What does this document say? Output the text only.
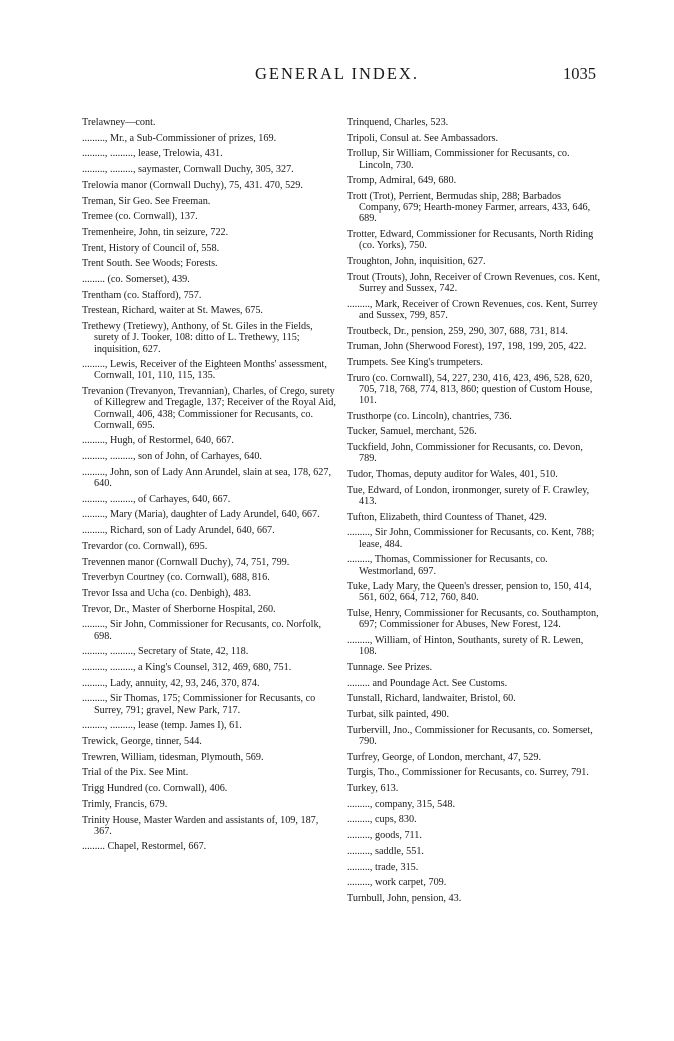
GENERAL INDEX.	1035
Trelawney—cont.
........., Mr., a Sub-Commissioner of prizes, 169.
........., ........., lease, Trelowia, 431.
........., ........., saymaster, Cornwall Duchy, 305, 327.
Trelowia manor (Cornwall Duchy), 75, 431. 470, 529.
Treman, Sir Geo. See Freeman.
Tremee (co. Cornwall), 137.
Tremenheire, John, tin seizure, 722.
Trent, History of Council of, 558.
Trent South. See Woods; Forests.
......... (co. Somerset), 439.
Trentham (co. Stafford), 757.
Trestean, Richard, waiter at St. Mawes, 675.
Trethewy (Tretiewy), Anthony, of St. Giles in the Fields, surety of J. Tooker, 108: ditto of L. Trethewy, 115; inquisition, 627.
........., Lewis, Receiver of the Eighteen Months' assessment, Cornwall, 101, 110, 115, 135.
Trevanion (Trevanyon, Trevannian), Charles, of Crego, surety of Killegrew and Tregagle, 137; Receiver of the Royal Aid, Cornwall, 406, 438; Commissioner for Recusants, co. Cornwall, 695.
........., Hugh, of Restormel, 640, 667.
........., ........., son of John, of Carhayes, 640.
........., John, son of Lady Ann Arundel, slain at sea, 178, 627, 640.
........., ........., of Carhayes, 640, 667.
........., Mary (Maria), daughter of Lady Arundel, 640, 667.
........., Richard, son of Lady Arundel, 640, 667.
Trevardor (co. Cornwall), 695.
Trevennen manor (Cornwall Duchy), 74, 751, 799.
Treverbyn Courtney (co. Cornwall), 688, 816.
Trevor Issa and Ucha (co. Denbigh), 483.
Trevor, Dr., Master of Sherborne Hospital, 260.
........., Sir John, Commissioner for Recusants, co. Norfolk, 698.
........., ........., Secretary of State, 42, 118.
........., ........., a King's Counsel, 312, 469, 680, 751.
........., Lady, annuity, 42, 93, 246, 370, 874.
........., Sir Thomas, 175; Commissioner for Recusants, co Surrey, 791; gravel, New Park, 717.
........., ........., lease (temp. James I), 61.
Trewick, George, tinner, 544.
Trewren, William, tidesman, Plymouth, 569.
Trial of the Pix. See Mint.
Trigg Hundred (co. Cornwall), 406.
Trimly, Francis, 679.
Trinity House, Master Warden and assistants of, 109, 187, 367.
......... Chapel, Restormel, 667.
Trinquend, Charles, 523.
Tripoli, Consul at. See Ambassadors.
Trollup, Sir William, Commissioner for Recusants, co. Lincoln, 730.
Tromp, Admiral, 649, 680.
Trott (Trot), Perrient, Bermudas ship, 288; Barbados Company, 679; Hearth-money Farmer, arrears, 433, 646, 689.
Trotter, Edward, Commissioner for Recusants, North Riding (co. Yorks), 750.
Troughton, John, inquisition, 627.
Trout (Trouts), John, Receiver of Crown Revenues, cos. Kent, Surrey and Sussex, 742.
........., Mark, Receiver of Crown Revenues, cos. Kent, Surrey and Sussex, 799, 857.
Troutbeck, Dr., pension, 259, 290, 307, 688, 731, 814.
Truman, John (Sherwood Forest), 197, 198, 199, 205, 422.
Trumpets. See King's trumpeters.
Truro (co. Cornwall), 54, 227, 230, 416, 423, 496, 528, 620, 705, 718, 768, 774, 813, 860; question of Custom House, 101.
Trusthorpe (co. Lincoln), chantries, 736.
Tucker, Samuel, merchant, 526.
Tuckfield, John, Commissioner for Recusants, co. Devon, 789.
Tudor, Thomas, deputy auditor for Wales, 401, 510.
Tue, Edward, of London, ironmonger, surety of F. Crawley, 413.
Tufton, Elizabeth, third Countess of Thanet, 429.
........., Sir John, Commissioner for Recusants, co. Kent, 788; lease, 484.
........., Thomas, Commissioner for Recusants, co. Westmorland, 697.
Tuke, Lady Mary, the Queen's dresser, pension to, 150, 414, 561, 602, 664, 712, 760, 840.
Tulse, Henry, Commissioner for Recusants, co. Southampton, 697; Commissioner for Abuses, New Forest, 124.
........., William, of Hinton, Southants, surety of R. Lewen, 108.
Tunnage. See Prizes.
......... and Poundage Act. See Customs.
Tunstall, Richard, landwaiter, Bristol, 60.
Turbat, silk painted, 490.
Turbervill, Jno., Commissioner for Recusants, co. Somerset, 790.
Turfrey, George, of London, merchant, 47, 529.
Turgis, Tho., Commissioner for Recusants, co. Surrey, 791.
Turkey, 613.
........., company, 315, 548.
........., cups, 830.
........., goods, 711.
........., saddle, 551.
........., trade, 315.
........., work carpet, 709.
Turnbull, John, pension, 43.
